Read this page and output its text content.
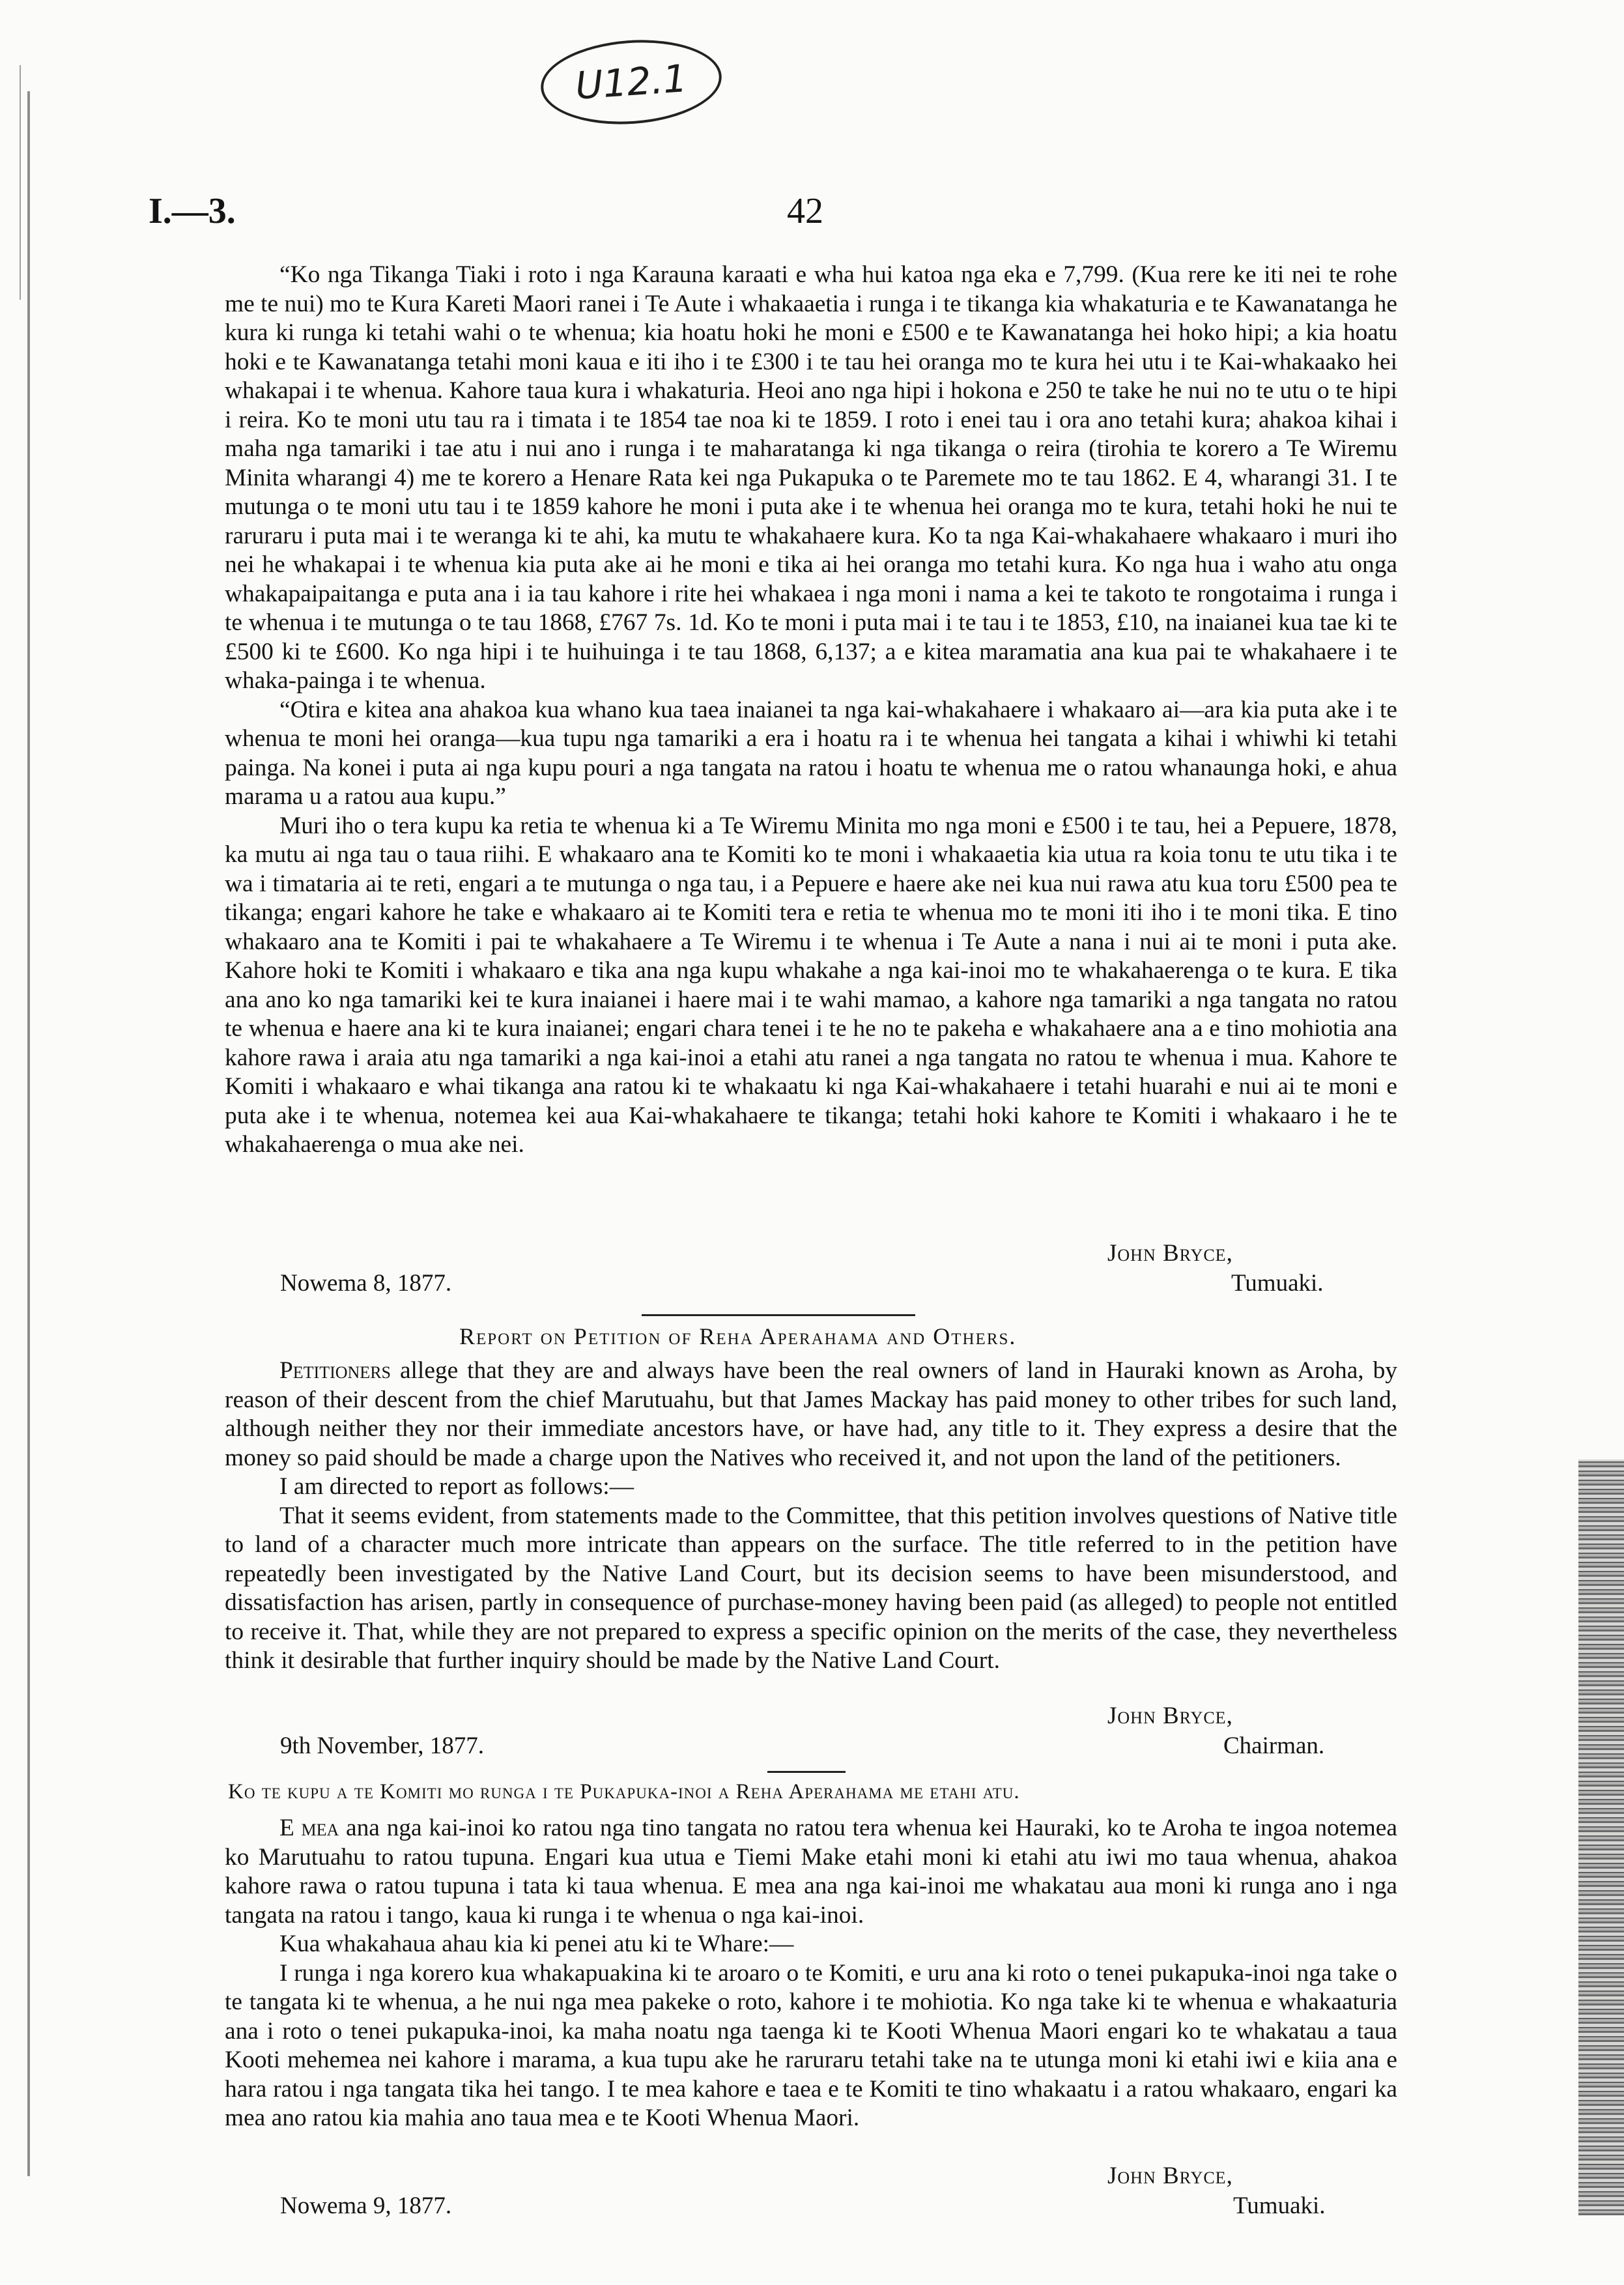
U12.1
I.—3.	42

“Ko nga Tikanga Tiaki i roto i nga Karauna karaati e wha hui katoa nga eka e 7,799. (Kua rere ke iti nei te rohe me te nui) mo te Kura Kareti Maori ranei i Te Aute i whakaaetia i runga i te tikanga kia whakaturia e te Kawanatanga he kura ki runga ki tetahi wahi o te whenua; kia hoatu hoki he moni e £500 e te Kawanatanga hei hoko hipi; a kia hoatu hoki e te Kawanatanga tetahi moni kaua e iti iho i te £300 i te tau hei oranga mo te kura hei utu i te Kai-whakaako hei whakapai i te whenua. Kahore taua kura i whakaturia. Heoi ano nga hipi i hokona e 250 te take he nui no te utu o te hipi i reira. Ko te moni utu tau ra i timata i te 1854 tae noa ki te 1859. I roto i enei tau i ora ano tetahi kura; ahakoa kihai i maha nga tamariki i tae atu i nui ano i runga i te maharatanga ki nga tikanga o reira (tirohia te korero a Te Wiremu Minita wharangi 4) me te korero a Henare Rata kei nga Pukapuka o te Paremete mo te tau 1862. E 4, wharangi 31. I te mutunga o te moni utu tau i te 1859 kahore he moni i puta ake i te whenua hei oranga mo te kura, tetahi hoki he nui te raruraru i puta mai i te weranga ki te ahi, ka mutu te whakahaere kura. Ko ta nga Kai-whakahaere whakaaro i muri iho nei he whakapai i te whenua kia puta ake ai he moni e tika ai hei oranga mo tetahi kura. Ko nga hua i waho atu onga whakapaipaitanga e puta ana i ia tau kahore i rite hei whakaea i nga moni i nama a kei te takoto te rongotaima i runga i te whenua i te mutunga o te tau 1868, £767 7s. 1d. Ko te moni i puta mai i te tau i te 1853, £10, na inaianei kua tae ki te £500 ki te £600. Ko nga hipi i te huihuinga i te tau 1868, 6,137; a e kitea maramatia ana kua pai te whakahaere i te whaka-painga i te whenua.

“Otira e kitea ana ahakoa kua whano kua taea inaianei ta nga kai-whakahaere i whakaaro ai—ara kia puta ake i te whenua te moni hei oranga—kua tupu nga tamariki a era i hoatu ra i te whenua hei tangata a kihai i whiwhi ki tetahi painga. Na konei i puta ai nga kupu pouri a nga tangata na ratou i hoatu te whenua me o ratou whanaunga hoki, e ahua marama u a ratou aua kupu.”

Muri iho o tera kupu ka retia te whenua ki a Te Wiremu Minita mo nga moni e £500 i te tau, hei a Pepuere, 1878, ka mutu ai nga tau o taua riihi. E whakaaro ana te Komiti ko te moni i whakaaetia kia utua ra koia tonu te utu tika i te wa i timataria ai te reti, engari a te mutunga o nga tau, i a Pepuere e haere ake nei kua nui rawa atu kua toru £500 pea te tikanga; engari kahore he take e whakaaro ai te Komiti tera e retia te whenua mo te moni iti iho i te moni tika. E tino whakaaro ana te Komiti i pai te whakahaere a Te Wiremu i te whenua i Te Aute a nana i nui ai te moni i puta ake. Kahore hoki te Komiti i whakaaro e tika ana nga kupu whakahe a nga kai-inoi mo te whakahaerenga o te kura. E tika ana ano ko nga tamariki kei te kura inaianei i haere mai i te wahi mamao, a kahore nga tamariki a nga tangata no ratou te whenua e haere ana ki te kura inaianei; engari chara tenei i te he no te pakeha e whakahaere ana a e tino mohiotia ana kahore rawa i araia atu nga tamariki a nga kai-inoi a etahi atu ranei a nga tangata no ratou te whenua i mua. Kahore te Komiti i whakaaro e whai tikanga ana ratou ki te whakaatu ki nga Kai-whakahaere i tetahi huarahi e nui ai te moni e puta ake i te whenua, notemea kei aua Kai-whakahaere te tikanga; tetahi hoki kahore te Komiti i whakaaro i he te whakahaerenga o mua ake nei.

John Bryce,
Nowema 8, 1877.	Tumuaki.
Report on Petition of Reha Aperahama and Others.

Petitioners allege that they are and always have been the real owners of land in Hauraki known as Aroha, by reason of their descent from the chief Marutuahu, but that James Mackay has paid money to other tribes for such land, although neither they nor their immediate ancestors have, or have had, any title to it. They express a desire that the money so paid should be made a charge upon the Natives who received it, and not upon the land of the petitioners.

I am directed to report as follows:—

That it seems evident, from statements made to the Committee, that this petition involves questions of Native title to land of a character much more intricate than appears on the surface. The title referred to in the petition have repeatedly been investigated by the Native Land Court, but its decision seems to have been misunderstood, and dissatisfaction has arisen, partly in consequence of purchase-money having been paid (as alleged) to people not entitled to receive it. That, while they are not prepared to express a specific opinion on the merits of the case, they nevertheless think it desirable that further inquiry should be made by the Native Land Court.

John Bryce,
9th November, 1877.	Chairman.
Ko te kupu a te Komiti mo runga i te Pukapuka-inoi a Reha Aperahama me etahi atu.

E mea ana nga kai-inoi ko ratou nga tino tangata no ratou tera whenua kei Hauraki, ko te Aroha te ingoa notemea ko Marutuahu to ratou tupuna. Engari kua utua e Tiemi Make etahi moni ki etahi atu iwi mo taua whenua, ahakoa kahore rawa o ratou tupuna i tata ki taua whenua. E mea ana nga kai-inoi me whakatau aua moni ki runga ano i nga tangata na ratou i tango, kaua ki runga i te whenua o nga kai-inoi.

Kua whakahaua ahau kia ki penei atu ki te Whare:—

I runga i nga korero kua whakapuakina ki te aroaro o te Komiti, e uru ana ki roto o tenei pukapuka-inoi nga take o te tangata ki te whenua, a he nui nga mea pakeke o roto, kahore i te mohiotia. Ko nga take ki te whenua e whakaaturia ana i roto o tenei pukapuka-inoi, ka maha noatu nga taenga ki te Kooti Whenua Maori engari ko te whakatau a taua Kooti mehemea nei kahore i marama, a kua tupu ake he raruraru tetahi take na te utunga moni ki etahi iwi e kiia ana e hara ratou i nga tangata tika hei tango. I te mea kahore e taea e te Komiti te tino whakaatu i a ratou whakaaro, engari ka mea ano ratou kia mahia ano taua mea e te Kooti Whenua Maori.

John Bryce,
Nowema 9, 1877.	Tumuaki.
